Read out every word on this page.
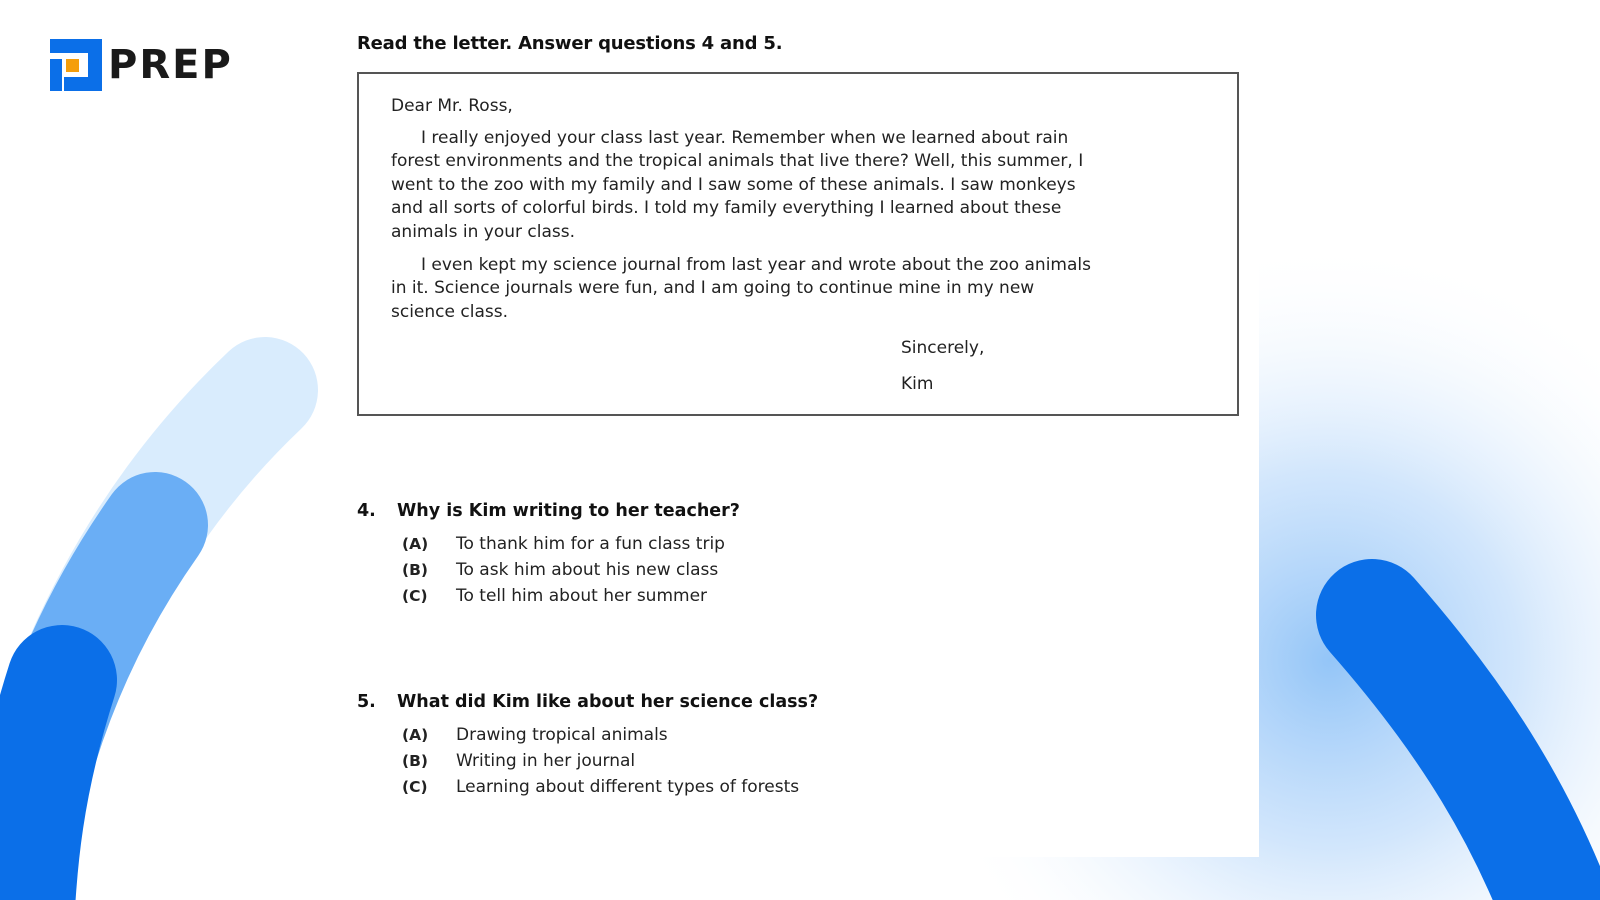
PREP	Read the letter. Answer questions 4 and 5.

Dear Mr. Ross,

I really enjoyed your class last year. Remember when we learned about rain forest environments and the tropical animals that live there? Well, this summer, I went to the zoo with my family and I saw some of these animals. I saw monkeys and all sorts of colorful birds. I told my family everything I learned about these animals in your class.

I even kept my science journal from last year and wrote about the zoo animals in it. Science journals were fun, and I am going to continue mine in my new science class.

Sincerely,
Kim
4.	Why is Kim writing to her teacher?
(A)	To thank him for a fun class trip
(B)	To ask him about his new class
(C)	To tell him about her summer
5.	What did Kim like about her science class?
(A)	Drawing tropical animals
(B)	Writing in her journal
(C)	Learning about different types of forests
